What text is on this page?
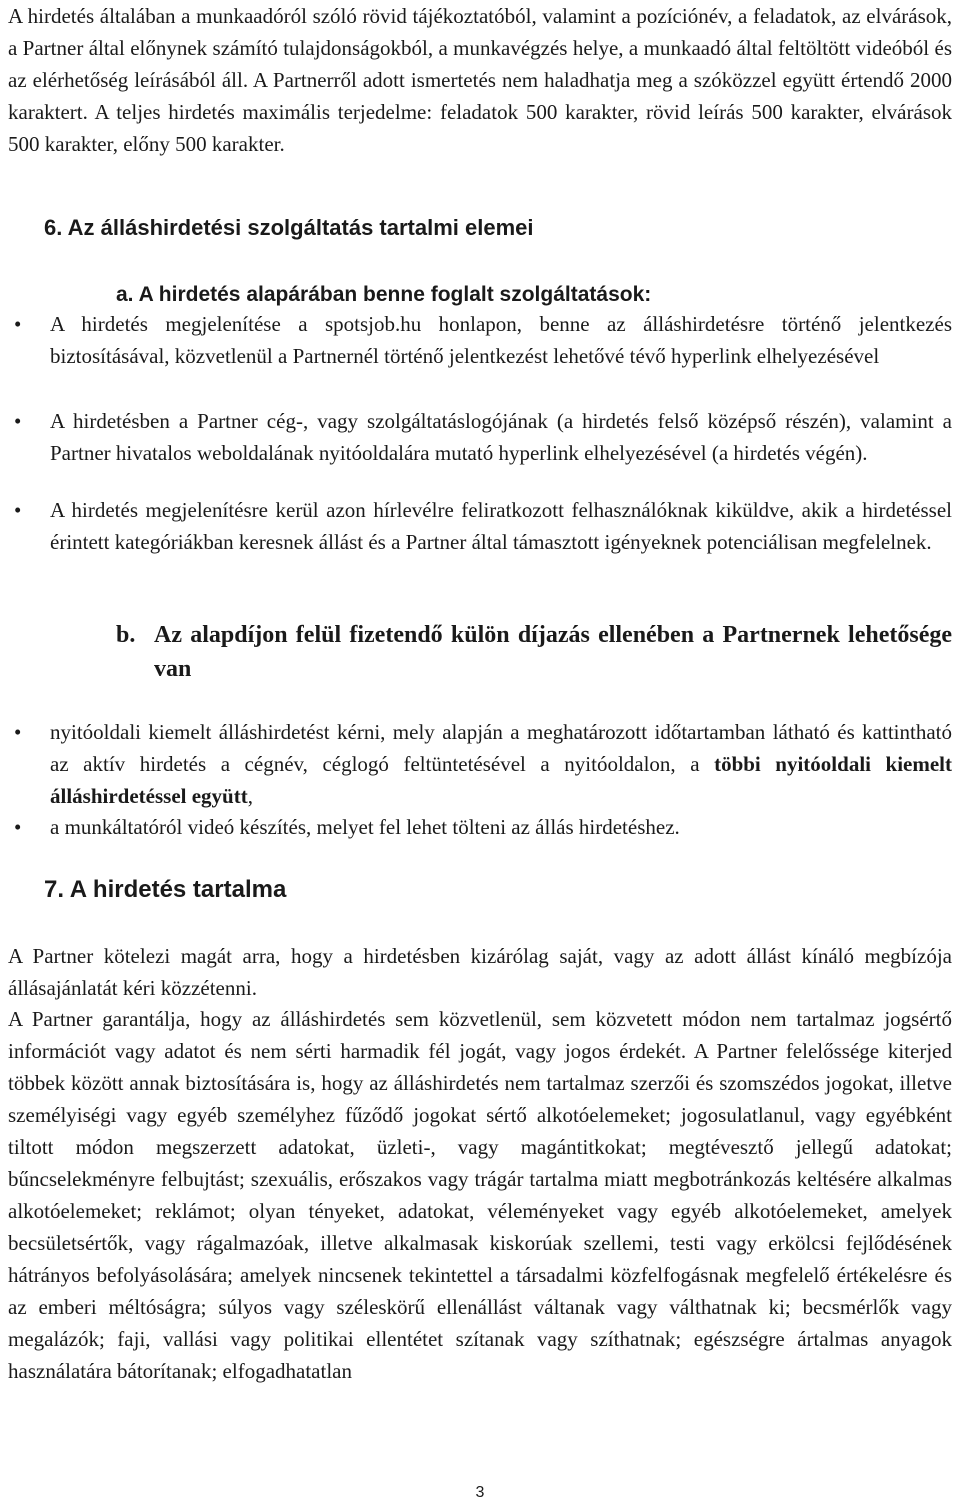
A hirdetés általában a munkaadóról szóló rövid tájékoztatóból, valamint a pozíciónév, a feladatok, az elvárások, a Partner által előnynek számító tulajdonságokból, a munkavégzés helye, a munkaadó által feltöltött videóból és az elérhetőség leírásából áll. A Partnerről adott ismertetés nem haladhatja meg a szóközzel együtt értendő 2000 karaktert. A teljes hirdetés maximális terjedelme: feladatok 500 karakter, rövid leírás 500 karakter, elvárások 500 karakter, előny 500 karakter.

6. Az álláshirdetési szolgáltatás tartalmi elemei
a. A hirdetés alapárában benne foglalt szolgáltatások:
• A hirdetés megjelenítése a spotsjob.hu honlapon, benne az álláshirdetésre történő jelentkezés biztosításával, közvetlenül a Partnernél történő jelentkezést lehetővé tévő hyperlink elhelyezésével
• A hirdetésben a Partner cég-, vagy szolgáltatáslogójának (a hirdetés felső középső részén), valamint a Partner hivatalos weboldalának nyitóoldalára mutató hyperlink elhelyezésével (a hirdetés végén).
• A hirdetés megjelenítésre kerül azon hírlevélre feliratkozott felhasználóknak kiküldve, akik a hirdetéssel érintett kategóriákban keresnek állást és a Partner által támasztott igényeknek potenciálisan megfelelnek.
b. Az alapdíjon felül fizetendő külön díjazás ellenében a Partnernek lehetősége van
• nyitóoldali kiemelt álláshirdetést kérni, mely alapján a meghatározott időtartamban látható és kattintható az aktív hirdetés a cégnév, céglogó feltüntetésével a nyitóoldalon, a többi nyitóoldali kiemelt álláshirdetéssel együtt,
• a munkáltatóról videó készítés, melyet fel lehet tölteni az állás hirdetéshez.
7. A hirdetés tartalma

A Partner kötelezi magát arra, hogy a hirdetésben kizárólag saját, vagy az adott állást kínáló megbízója állásajánlatát kéri közzétenni.

A Partner garantálja, hogy az álláshirdetés sem közvetlenül, sem közvetett módon nem tartalmaz jogsértő információt vagy adatot és nem sérti harmadik fél jogát, vagy jogos érdekét. A Partner felelőssége kiterjed többek között annak biztosítására is, hogy az álláshirdetés nem tartalmaz szerzői és szomszédos jogokat, illetve személyiségi vagy egyéb személyhez fűződő jogokat sértő alkotóelemeket; jogosulatlanul, vagy egyébként tiltott módon megszerzett adatokat, üzleti-, vagy magántitkokat; megtévesztő jellegű adatokat; bűncselekményre felbujtást; szexuális, erőszakos vagy trágár tartalma miatt megbotránkozás keltésére alkalmas alkotóelemeket; reklámot; olyan tényeket, adatokat, véleményeket vagy egyéb alkotóelemeket, amelyek becsületsértők, vagy rágalmazóak, illetve alkalmasak kiskorúak szellemi, testi vagy erkölcsi fejlődésének hátrányos befolyásolására; amelyek nincsenek tekintettel a társadalmi közfelfogásnak megfelelő értékelésre és az emberi méltóságra; súlyos vagy széleskörű ellenállást váltanak vagy válthatnak ki; becsmérlők vagy megalázók; faji, vallási vagy politikai ellentétet szítanak vagy szíthatnak; egészségre ártalmas anyagok használatára bátorítanak; elfogadhatatlan

3
